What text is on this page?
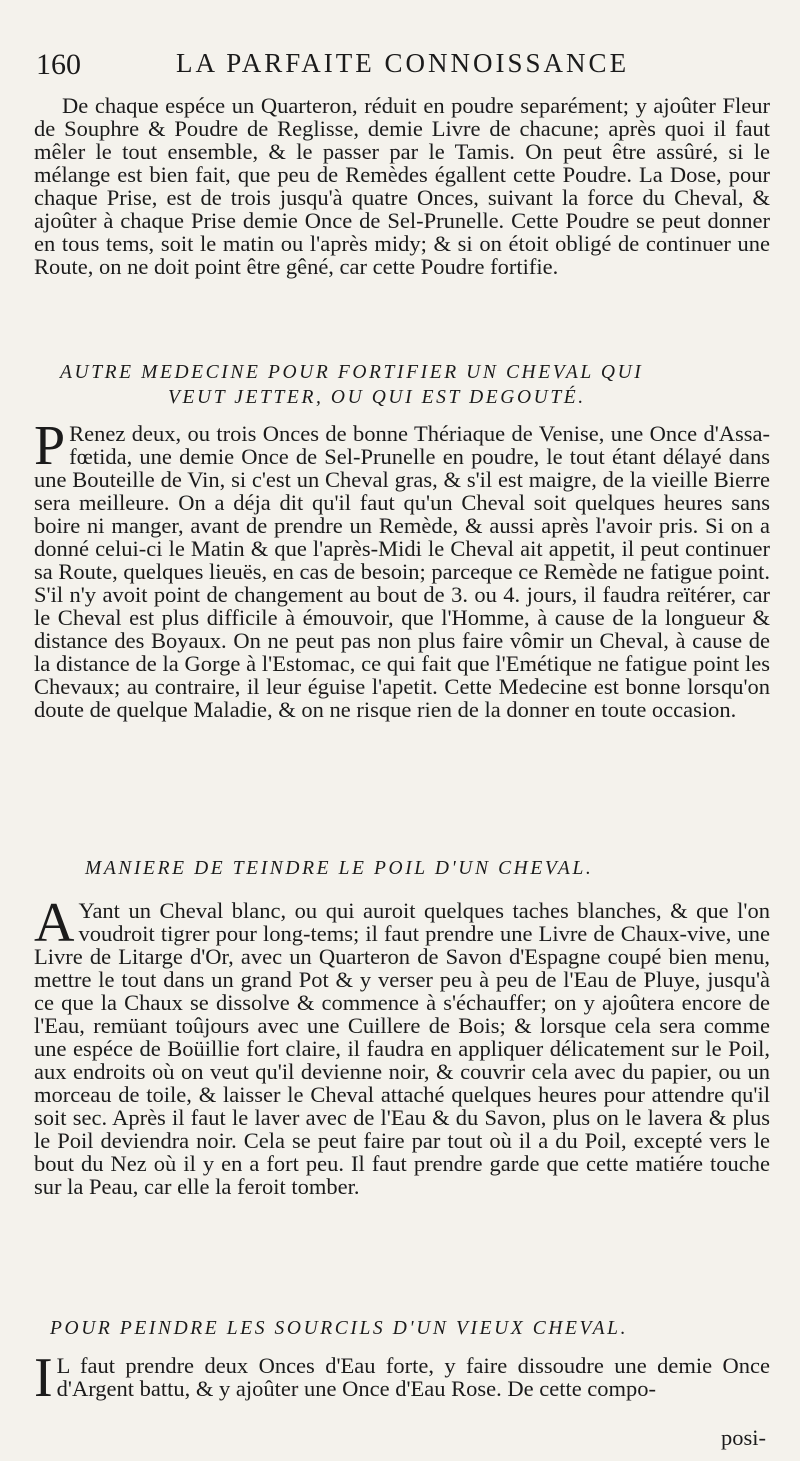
160	LA PARFAITE CONNOISSANCE

De chaque espéce un Quarteron, réduit en poudre separément; y ajoûter Fleur de Souphre & Poudre de Reglisse, demie Livre de chacune; après quoi il faut mêler le tout ensemble, & le passer par le Tamis. On peut être assûré, si le mélange est bien fait, que peu de Remèdes égallent cette Poudre. La Dose, pour chaque Prise, est de trois jusqu'à quatre Onces, suivant la force du Cheval, & ajoûter à chaque Prise demie Once de Sel-Prunelle. Cette Poudre se peut donner en tous tems, soit le matin ou l'après midy; & si on étoit obligé de continuer une Route, on ne doit point être gêné, car cette Poudre fortifie.

AUTRE MEDECINE POUR FORTIFIER UN CHEVAL QUI

VEUT JETTER, OU QUI EST DEGOUTÉ.

P Renez deux, ou trois Onces de bonne Thériaque de Venise, une Once d'Assa-fœtida, une demie Once de Sel-Prunelle en poudre, le tout étant délayé dans une Bouteille de Vin, si c'est un Cheval gras, & s'il est maigre, de la vieille Bierre sera meilleure. On a déja dit qu'il faut qu'un Cheval soit quelques heures sans boire ni manger, avant de prendre un Remède, & aussi après l'avoir pris. Si on a donné celui-ci le Matin & que l'après-Midi le Cheval ait appetit, il peut continuer sa Route, quelques lieuës, en cas de besoin; parceque ce Remède ne fatigue point. S'il n'y avoit point de changement au bout de 3. ou 4. jours, il faudra reïtérer, car le Cheval est plus difficile à émouvoir, que l'Homme, à cause de la longueur & distance des Boyaux. On ne peut pas non plus faire vômir un Cheval, à cause de la distance de la Gorge à l'Estomac, ce qui fait que l'Emétique ne fatigue point les Chevaux; au contraire, il leur éguise l'apetit. Cette Medecine est bonne lorsqu'on doute de quelque Maladie, & on ne risque rien de la donner en toute occasion.

MANIERE DE TEINDRE LE POIL D'UN CHEVAL.

A Yant un Cheval blanc, ou qui auroit quelques taches blanches, & que l'on voudroit tigrer pour long-tems; il faut prendre une Livre de Chaux-vive, une Livre de Litarge d'Or, avec un Quarteron de Savon d'Espagne coupé bien menu, mettre le tout dans un grand Pot & y verser peu à peu de l'Eau de Pluye, jusqu'à ce que la Chaux se dissolve & commence à s'échauffer; on y ajoûtera encore de l'Eau, remüant toûjours avec une Cuillere de Bois; & lorsque cela sera comme une espéce de Boüillie fort claire, il faudra en appliquer délicatement sur le Poil, aux endroits où on veut qu'il devienne noir, & couvrir cela avec du papier, ou un morceau de toile, & laisser le Cheval attaché quelques heures pour attendre qu'il soit sec. Après il faut le laver avec de l'Eau & du Savon, plus on le lavera & plus le Poil deviendra noir. Cela se peut faire par tout où il a du Poil, excepté vers le bout du Nez où il y en a fort peu. Il faut prendre garde que cette matiére touche sur la Peau, car elle la feroit tomber.

POUR PEINDRE LES SOURCILS D'UN VIEUX CHEVAL.

I L faut prendre deux Onces d'Eau forte, y faire dissoudre une demie Once d'Argent battu, & y ajoûter une Once d'Eau Rose. De cette compo-

posi-
